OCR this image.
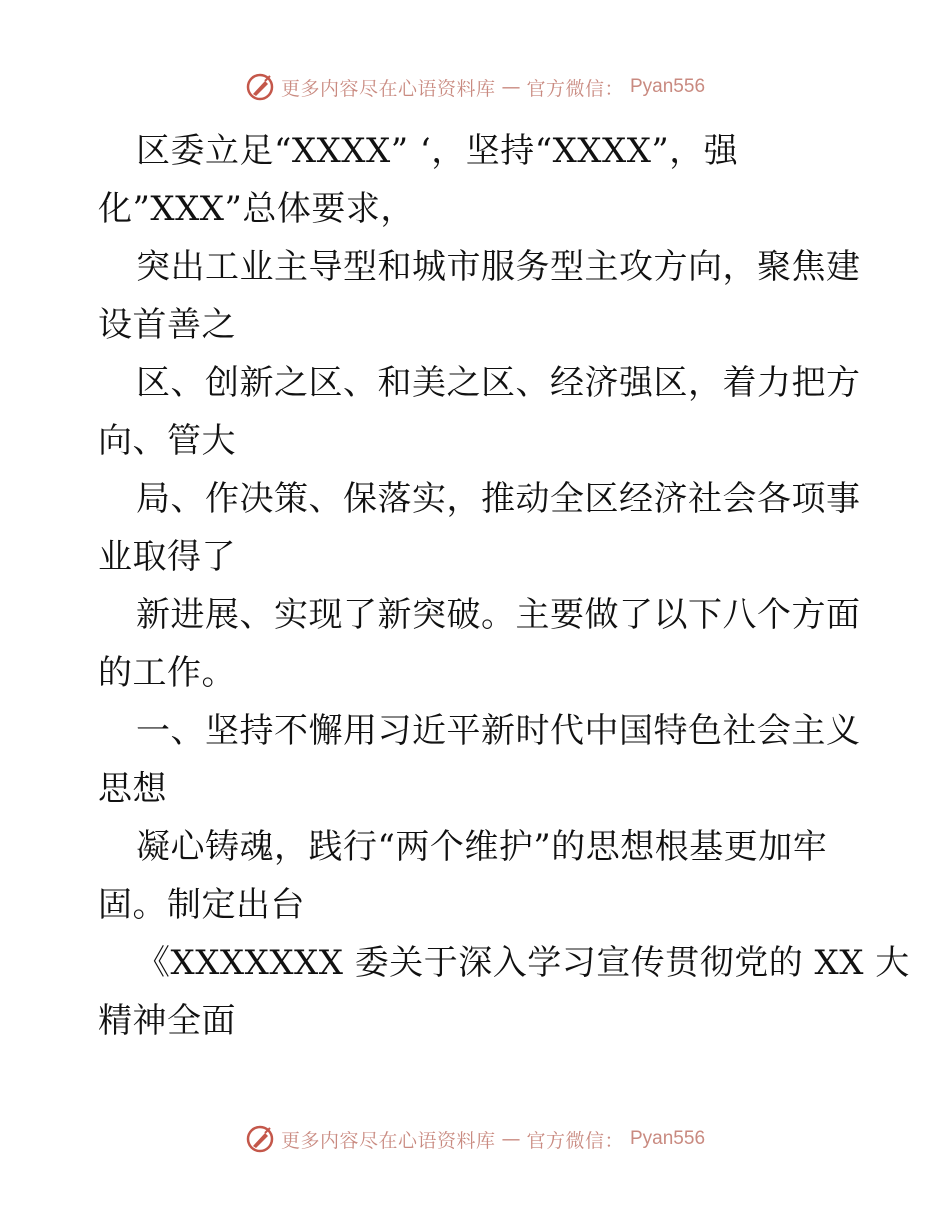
更多内容尽在心语资料库 — 官方微信： Pyan556
区委立足“XXXX” ‘，坚持“XXXX”，强
化”XXX”总体要求，
突出工业主导型和城市服务型主攻方向，聚焦建
设首善之
区、创新之区、和美之区、经济强区，着力把方
向、管大
局、作决策、保落实，推动全区经济社会各项事
业取得了
新进展、实现了新突破。主要做了以下八个方面
的工作。
一、坚持不懈用习近平新时代中国特色社会主义
思想
凝心铸魂，践行“两个维护”的思想根基更加牢
固。制定出台
《XXXXXXX 委关于深入学习宣传贯彻党的 XX 大
精神全面
更多内容尽在心语资料库 — 官方微信： Pyan556
